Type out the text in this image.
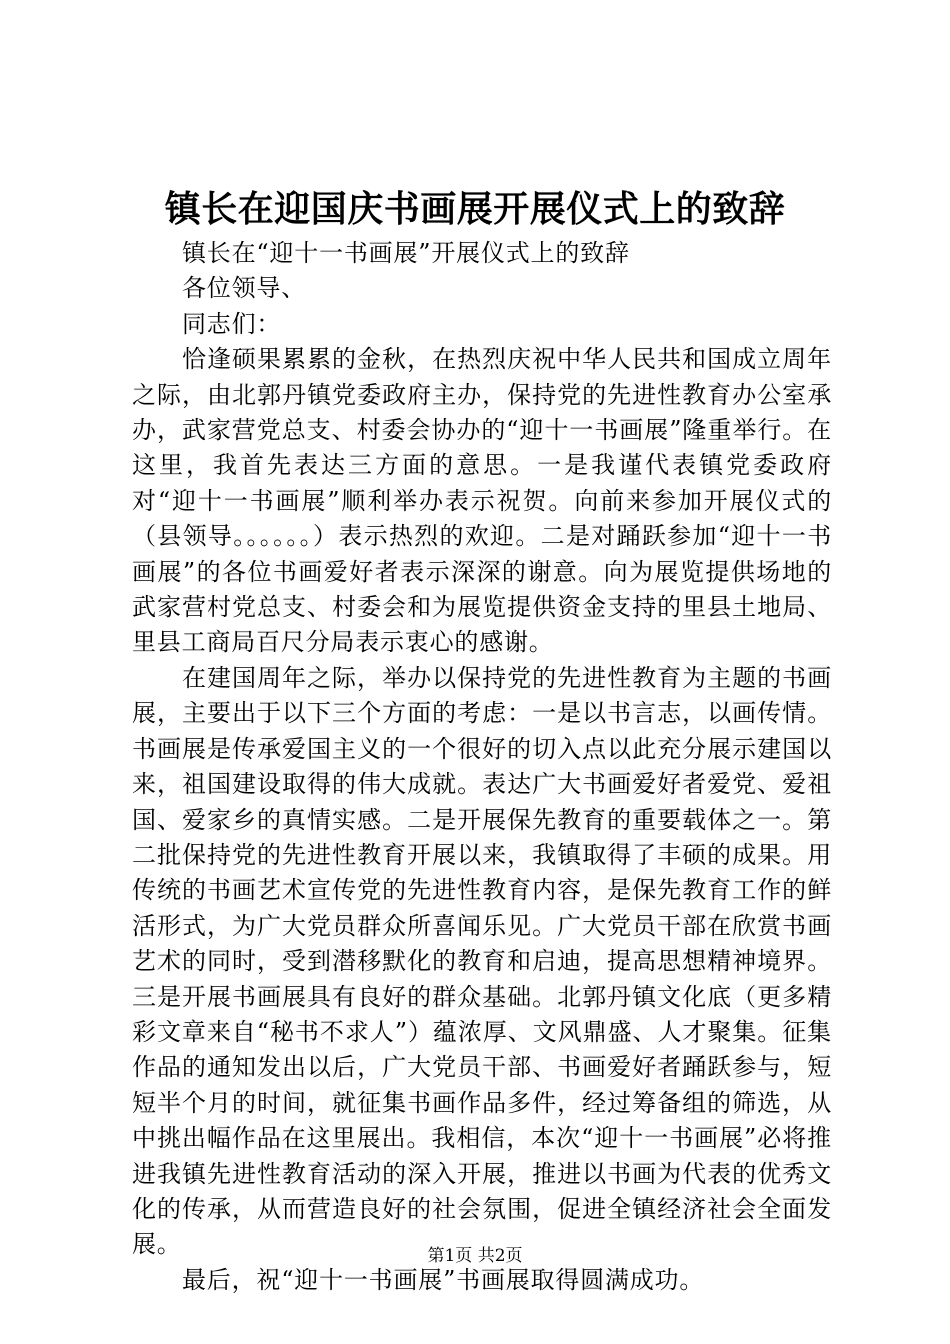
镇长在迎国庆书画展开展仪式上的致辞

镇长在“迎十一书画展”开展仪式上的致辞

各位领导、

同志们：

恰逢硕果累累的金秋，在热烈庆祝中华人民共和国成立周年之际，由北郭丹镇党委政府主办，保持党的先进性教育办公室承办，武家营党总支、村委会协办的“迎十一书画展”隆重举行。在这里，我首先表达三方面的意思。一是我谨代表镇党委政府对“迎十一书画展”顺利举办表示祝贺。向前来参加开展仪式的（县领导。。。。。。）表示热烈的欢迎。二是对踊跃参加“迎十一书画展”的各位书画爱好者表示深深的谢意。向为展览提供场地的武家营村党总支、村委会和为展览提供资金支持的里县土地局、里县工商局百尺分局表示衷心的感谢。

在建国周年之际，举办以保持党的先进性教育为主题的书画展，主要出于以下三个方面的考虑：一是以书言志，以画传情。书画展是传承爱国主义的一个很好的切入点以此充分展示建国以来，祖国建设取得的伟大成就。表达广大书画爱好者爱党、爱祖国、爱家乡的真情实感。二是开展保先教育的重要载体之一。第二批保持党的先进性教育开展以来，我镇取得了丰硕的成果。用传统的书画艺术宣传党的先进性教育内容，是保先教育工作的鲜活形式，为广大党员群众所喜闻乐见。广大党员干部在欣赏书画艺术的同时，受到潜移默化的教育和启迪，提高思想精神境界。三是开展书画展具有良好的群众基础。北郭丹镇文化底（更多精彩文章来自“秘书不求人”）蕴浓厚、文风鼎盛、人才聚集。征集作品的通知发出以后，广大党员干部、书画爱好者踊跃参与，短短半个月的时间，就征集书画作品多件，经过筹备组的筛选，从中挑出幅作品在这里展出。我相信，本次“迎十一书画展”必将推进我镇先进性教育活动的深入开展，推进以书画为代表的优秀文化的传承，从而营造良好的社会氛围，促进全镇经济社会全面发展。

最后，祝“迎十一书画展”书画展取得圆满成功。

第1页 共2页
